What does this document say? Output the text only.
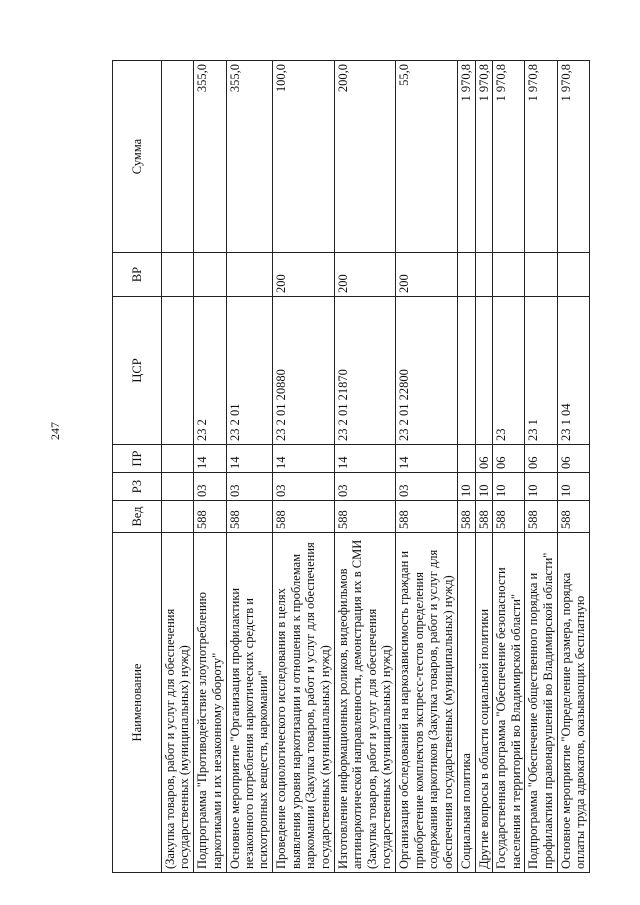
247
Наименование	Вед	РЗ	ПР	ЦСР	ВР	Сумма
(Закупка товаров, работ и услуг для обеспечения государственных (муниципальных) нужд)						
Подпрограмма "Противодействие злоупотреблению наркотиками и их незаконному обороту"	588	03	14	23 2		355,0
Основное мероприятие "Организация профилактики незаконного потребления наркотических средств и психотропных веществ, наркомании"	588	03	14	23 2 01		355,0
Проведение социологического исследования в целях выявления уровня наркотизации и отношения к проблемам наркомании (Закупка товаров, работ и услуг для обеспечения государственных (муниципальных) нужд)	588	03	14	23 2 01 20880	200	100,0
Изготовление информационных роликов, видеофильмов антинаркотической направленности, демонстрация их в СМИ (Закупка товаров, работ и услуг для обеспечения государственных (муниципальных) нужд)	588	03	14	23 2 01 21870	200	200,0
Организация обследований на наркозависимость граждан и приобретение комплектов экспресс-тестов определения содержания наркотиков (Закупка товаров, работ и услуг для обеспечения государственных (муниципальных) нужд)	588	03	14	23 2 01 22800	200	55,0
Социальная политика	588	10				1 970,8
Другие вопросы в области социальной политики	588	10	06			1 970,8
Государственная программа "Обеспечение безопасности населения и территорий во Владимирской области"	588	10	06	23		1 970,8
Подпрограмма "Обеспечение общественного порядка и профилактики правонарушений во Владимирской области"	588	10	06	23 1		1 970,8
Основное мероприятие "Определение размера, порядка оплаты труда адвокатов, оказывающих бесплатную	588	10	06	23 1 04		1 970,8
